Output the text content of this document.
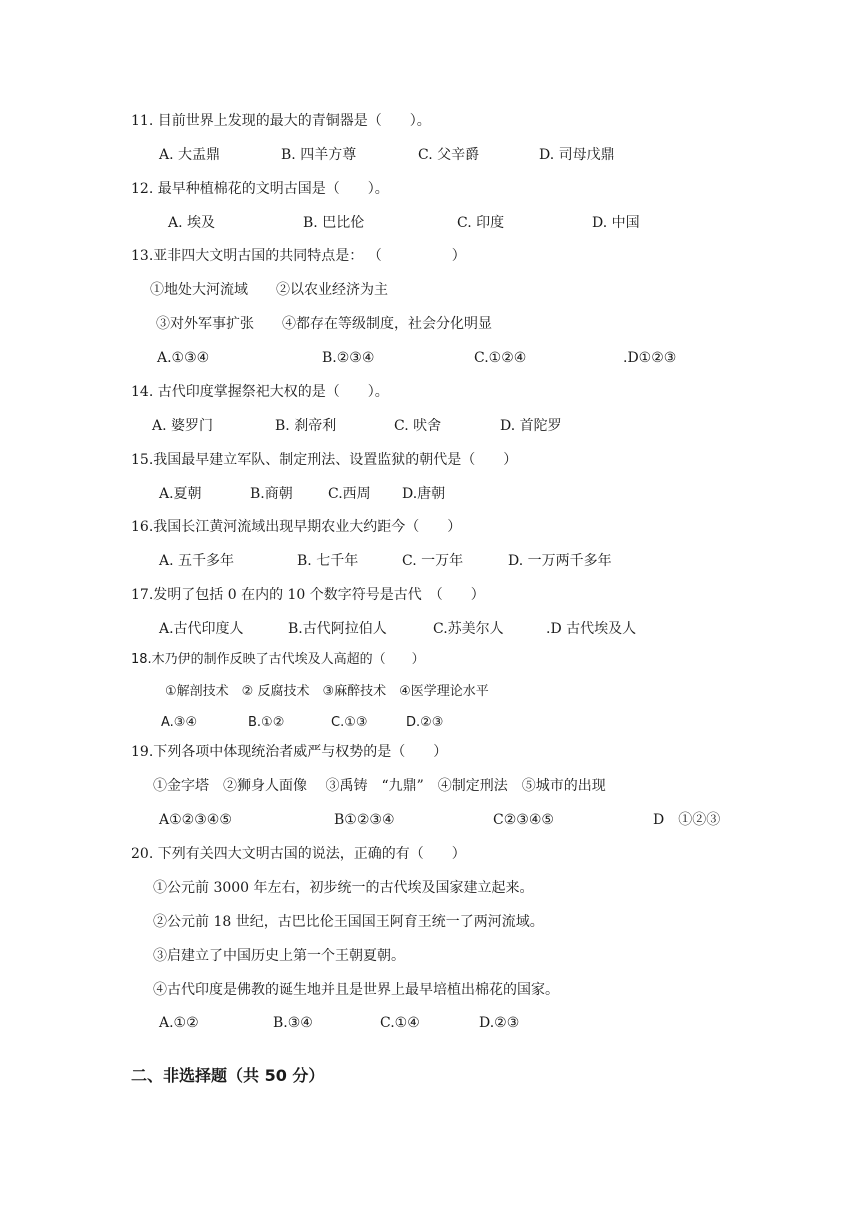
11. 目前世界上发现的最大的青铜器是（　　）。
A. 大盂鼎	B. 四羊方尊	C. 父辛爵	D. 司母戊鼎
12. 最早种植棉花的文明古国是（　　）。
A. 埃及	B. 巴比伦	C. 印度	D. 中国
13.亚非四大文明古国的共同特点是： （　　　　　）
①地处大河流域　　②以农业经济为主
③对外军事扩张　　④都存在等级制度，社会分化明显
A.①③④	B.②③④	C.①②④	.D①②③
14. 古代印度掌握祭祀大权的是（　　）。
A. 婆罗门	B. 刹帝利	C. 吠舍	D. 首陀罗
15.我国最早建立军队、制定刑法、设置监狱的朝代是（　　）
A.夏朝	B.商朝	C.西周 D.唐朝
16.我国长江黄河流域出现早期农业大约距今（　　）
A. 五千多年	B. 七千年	C. 一万年	D. 一万两千多年
17.发明了包括 0 在内的 10 个数字符号是古代　（　　）
A.古代印度人	B.古代阿拉伯人	C.苏美尔人	.D 古代埃及人
18.木乃伊的制作反映了古代埃及人高超的（　　）
①解剖技术　② 反腐技术　③麻醉技术　④医学理论水平
A.③④	B.①②	C.①③	D.②③
19.下列各项中体现统治者威严与权势的是（　　）
①金字塔　②狮身人面像　 ③禹铸　“九鼎”　④制定刑法　⑤城市的出现
A①②③④⑤	B①②③④	C②③④⑤	D　①②③
20. 下列有关四大文明古国的说法，正确的有（　　）
①公元前 3000 年左右，初步统一的古代埃及国家建立起来。
②公元前 18 世纪，古巴比伦王国国王阿育王统一了两河流域。
③启建立了中国历史上第一个王朝夏朝。
④古代印度是佛教的诞生地并且是世界上最早培植出棉花的国家。
A.①②	B.③④	C.①④	D.②③
二、非选择题（共 50 分）
